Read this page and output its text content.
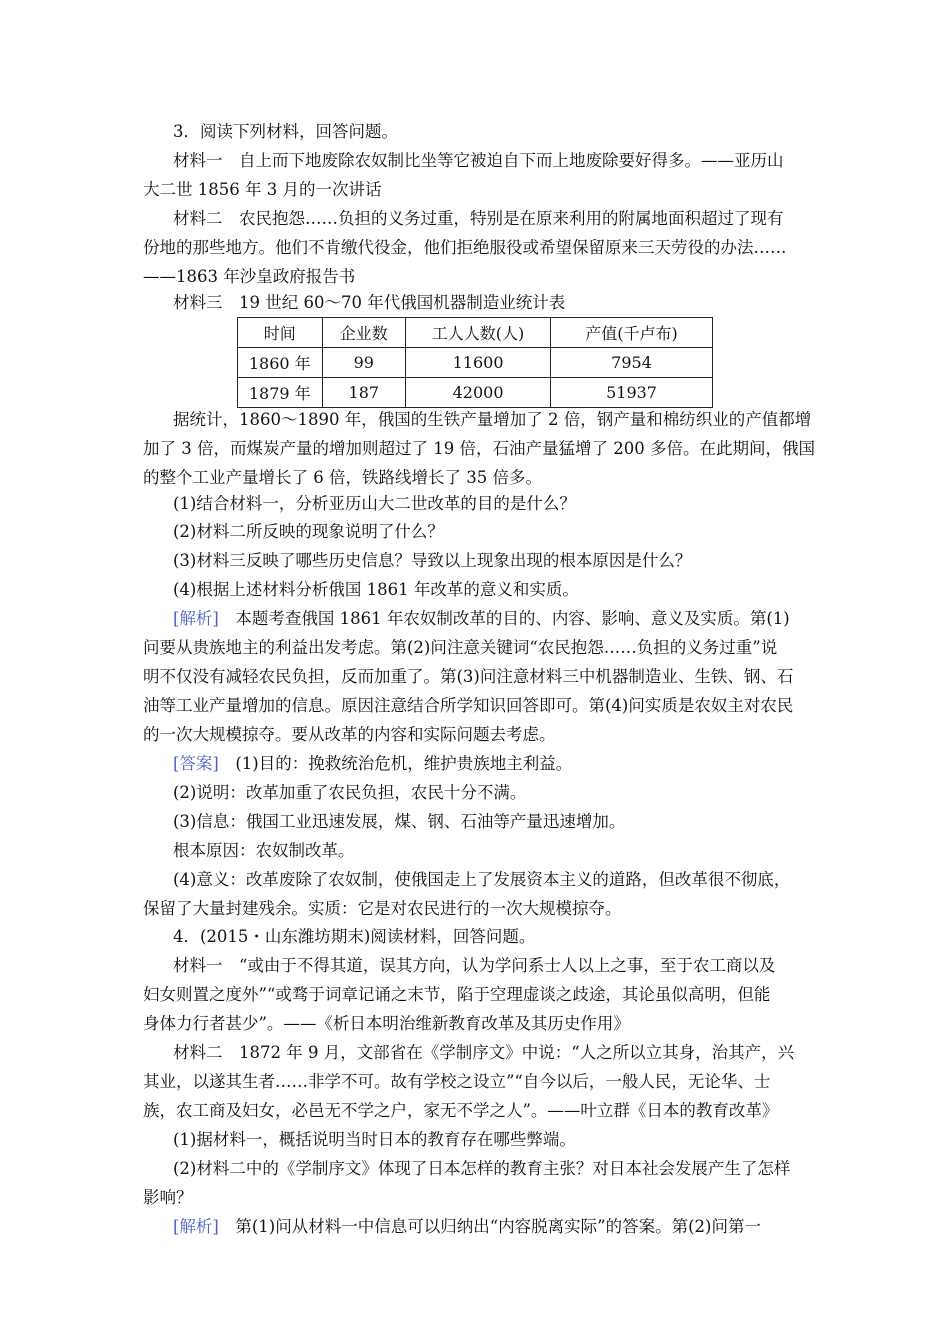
3．阅读下列材料，回答问题。
材料一　自上而下地废除农奴制比坐等它被迫自下而上地废除要好得多。——亚历山
大二世 1856 年 3 月的一次讲话
材料二　农民抱怨……负担的义务过重，特别是在原来利用的附属地面积超过了现有
份地的那些地方。他们不肯缴代役金，他们拒绝服役或希望保留原来三天劳役的办法……
——1863 年沙皇政府报告书
材料三　19 世纪 60～70 年代俄国机器制造业统计表
时间	企业数	工人人数(人)	产值(千卢布)
1860 年	99	11600	7954
1879 年	187	42000	51937
据统计，1860～1890 年，俄国的生铁产量增加了 2 倍，钢产量和棉纺织业的产值都增
加了 3 倍，而煤炭产量的增加则超过了 19 倍，石油产量猛增了 200 多倍。在此期间，俄国
的整个工业产量增长了 6 倍，铁路线增长了 35 倍多。
(1)结合材料一，分析亚历山大二世改革的目的是什么？
(2)材料二所反映的现象说明了什么？
(3)材料三反映了哪些历史信息？导致以上现象出现的根本原因是什么？
(4)根据上述材料分析俄国 1861 年改革的意义和实质。
[解析]　本题考查俄国 1861 年农奴制改革的目的、内容、影响、意义及实质。第(1)
问要从贵族地主的利益出发考虑。第(2)问注意关键词“农民抱怨……负担的义务过重”说
明不仅没有减轻农民负担，反而加重了。第(3)问注意材料三中机器制造业、生铁、钢、石
油等工业产量增加的信息。原因注意结合所学知识回答即可。第(4)问实质是农奴主对农民
的一次大规模掠夺。要从改革的内容和实际问题去考虑。
[答案]　(1)目的：挽救统治危机，维护贵族地主利益。
(2)说明：改革加重了农民负担，农民十分不满。
(3)信息：俄国工业迅速发展，煤、钢、石油等产量迅速增加。
根本原因：农奴制改革。
(4)意义：改革废除了农奴制，使俄国走上了发展资本主义的道路，但改革很不彻底，
保留了大量封建残余。实质：它是对农民进行的一次大规模掠夺。
4．(2015・山东潍坊期末)阅读材料，回答问题。
材料一　“或由于不得其道，误其方向，认为学问系士人以上之事，至于农工商以及
妇女则置之度外”“或骛于词章记诵之末节，陷于空理虚谈之歧途，其论虽似高明，但能
身体力行者甚少”。——《析日本明治维新教育改革及其历史作用》
材料二　1872 年 9 月，文部省在《学制序文》中说：“人之所以立其身，治其产，兴
其业，以遂其生者……非学不可。故有学校之设立”“自今以后，一般人民，无论华、士
族，农工商及妇女，必邑无不学之户，家无不学之人”。——叶立群《日本的教育改革》
(1)据材料一，概括说明当时日本的教育存在哪些弊端。
(2)材料二中的《学制序文》体现了日本怎样的教育主张？对日本社会发展产生了怎样
影响？
[解析]　第(1)问从材料一中信息可以归纳出“内容脱离实际”的答案。第(2)问第一
